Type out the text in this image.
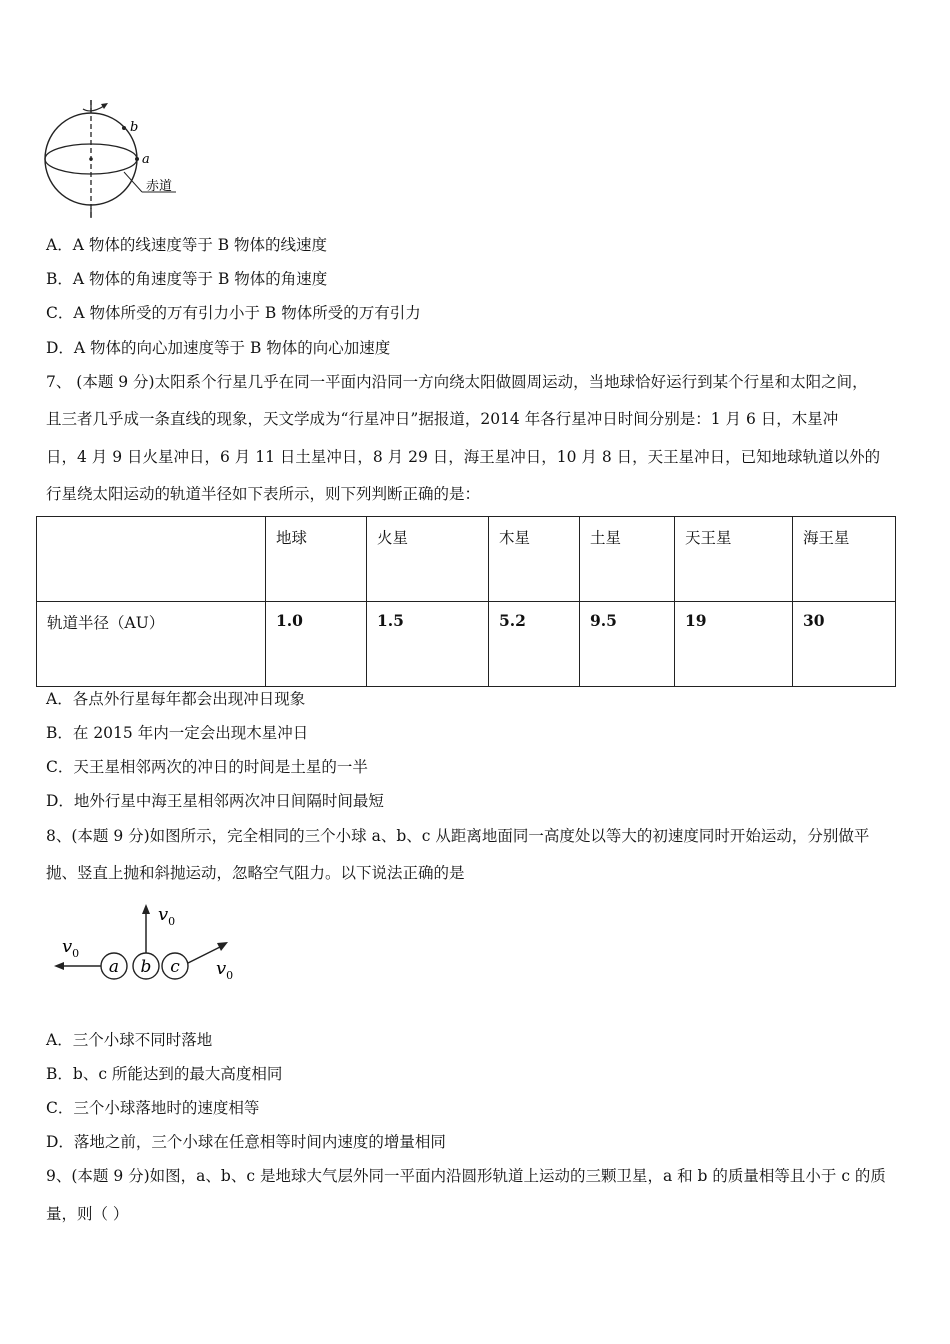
b
a
赤道
A．A 物体的线速度等于 B 物体的线速度
B．A 物体的角速度等于 B 物体的角速度
C．A 物体所受的万有引力小于 B 物体所受的万有引力
D．A 物体的向心加速度等于 B 物体的向心加速度
7、 (本题 9 分)太阳系个行星几乎在同一平面内沿同一方向绕太阳做圆周运动，当地球恰好运行到某个行星和太阳之间，
且三者几乎成一条直线的现象，天文学成为“行星冲日”据报道，2014 年各行星冲日时间分别是：1 月 6 日，木星冲
日，4 月 9 日火星冲日，6 月 11 日土星冲日，8 月 29 日，海王星冲日，10 月 8 日，天王星冲日，已知地球轨道以外的
行星绕太阳运动的轨道半径如下表所示，则下列判断正确的是：
	地球	火星	木星	土星	天王星	海王星
轨道半径（AU）	1.0	1.5	5.2	9.5	19	30
A．各点外行星每年都会出现冲日现象
B．在 2015 年内一定会出现木星冲日
C．天王星相邻两次的冲日的时间是土星的一半
D．地外行星中海王星相邻两次冲日间隔时间最短
8、(本题 9 分)如图所示，完全相同的三个小球 a、b、c 从距离地面同一高度处以等大的初速度同时开始运动，分别做平
抛、竖直上抛和斜抛运动，忽略空气阻力。以下说法正确的是
$v_0$
$v_0$
$v_0$
a b c
A．三个小球不同时落地
B．b、c 所能达到的最大高度相同
C．三个小球落地时的速度相等
D．落地之前，三个小球在任意相等时间内速度的增量相同
9、(本题 9 分)如图，a、b、c 是地球大气层外同一平面内沿圆形轨道上运动的三颗卫星，a 和 b 的质量相等且小于 c 的质
量，则（ ）
